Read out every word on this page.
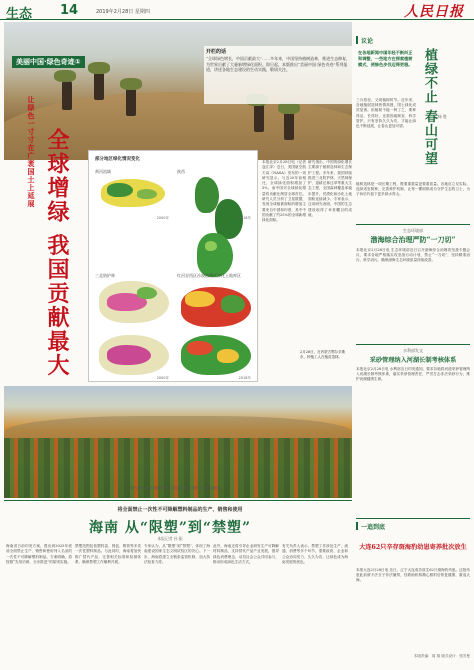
生态 14	2019年2月28日 星期四	人民日报
美丽中国·绿色奇迹①
开栏的话
“全球绿色增长，中国贡献最大”……多年来，中国坚持植树造林，推进生态修复，为世界贡献了大量新增绿化面积。即日起，本版推出“美丽中国·绿色奇迹”系列报道，讲述各地生态建设的生动实践，敬请关注。
让绿色一寸寸在广袤国土上延展 全球增绿 我国贡献最大	部分地区绿化情况变化
黄河流域
2000年
陕西
2018年
三北防护林
2000年
红河谷西区沙漠治理区沙化土地库区
2018年
本报北京2月28日电（记者寇江泽）近日，美国航空航天局（NASA）发布的一项研究显示，与近20年前相比，全球绿化面积增加了5%，而中国对全球绿化增量的贡献比例居全球首位。研究人员分析了卫星数据，发现全球植被面积的增加主要来自中国和印度，其中中国贡献了约25%的全球新增绿化面积。
研究指出，中国的绿化增长主要源于植树造林和生态保护工程。多年来，我国持续推进三北防护林、天然林保护、退耕还林还草等重大生态工程，全国森林覆盖率稳步提升，荒漠化和沙化土地面积连续减少。专家表示，这项研究表明，中国的生态建设取得了举世瞩目的成就。
2月26日，在内蒙古鄂尔多斯市，种植工人在植苗造林。
图为秋季，漫山遍野的林木层林尽染，构成一幅美丽画卷。
将全面禁止一次性不可降解塑料制品的生产、销售和使用
海南 从“限塑”到“禁塑”
本报记者 孙 振
海南省日前印发方案，提出到2025年底前全面禁止生产、销售和使用列入名录的一次性不可降解塑料制品。方案明确，将按照“先易后难、分步推进”的原则实施。
禁塑范围包括塑料袋、餐盒、吸管等多类一次性塑料制品。与此同时，海南将加快推广替代产品，完善相关标准和检测体系，确保禁塑工作顺利开展。
专家认为，从“限塑”到“禁塑”，体现了海南建设国家生态文明试验区的决心。下一步，海南将建立全链条监管机制，加大执法检查力度。
此外，海南还将引导企业研发生产可降解材料制品，支持替代产品产业发展，倡导绿色消费理念，动员社会公众共同参与，推动形成绿色生活方式。
有关负责人表示，禁塑工作涉及生产、流通、消费等多个环节，需要政府、企业和公众协同发力，久久为功，让绿色成为海南发展的底色。
议论
在各地新闻中国年轻不断纠正和调整，一些地方在探索植树模式，使绿色步伐迈得更稳。 植绿不止 春山可望 杨 胜
三月将至，又到植树时节。近年来，各地植树造林热情高涨，国土绿化成效显著。但植树不能一种了之，要种得活、长得好，还需因地制宜、科学管护。只有坚持久久为功，才能让绿色不断延展，让春山更加可望。
植树造林是一项长期工程，既要重数量更要重质量。各地应立足实际，选择适宜树种，完善养护机制，让每一棵树都成为守护生态的卫士，为子孙后代留下更多绿水青山。
生态环境部
渤海综合治理严防“一刀切”
本报北京2月28日电 生态环境部近日召开渤海综合治理攻坚战专题会议，要求各地严格落实攻坚战行动计划，禁止“一刀切”，坚持精准治污、科学治污，确保渤海生态环境质量持续改善。
水利部发文
采砂管理纳入河湖长制考核体系
本报北京2月28日电 水利部近日印发通知，要求各地将河道采砂管理纳入河湖长制考核体系，落实采砂管理责任，严厉打击非法采砂行为，维护河湖健康生命。
一追到底
大连62只辛存斑海豹幼崽寄养批次放生
本报大连2月28日电 近日，辽宁大连成功放生62只斑海豹幼崽。这批幼崽此前被不法分子非法捕捞，经救助机构精心照料后恢复健康，重返大海。
本版责编：周 翔 版式设计：张芳曼
